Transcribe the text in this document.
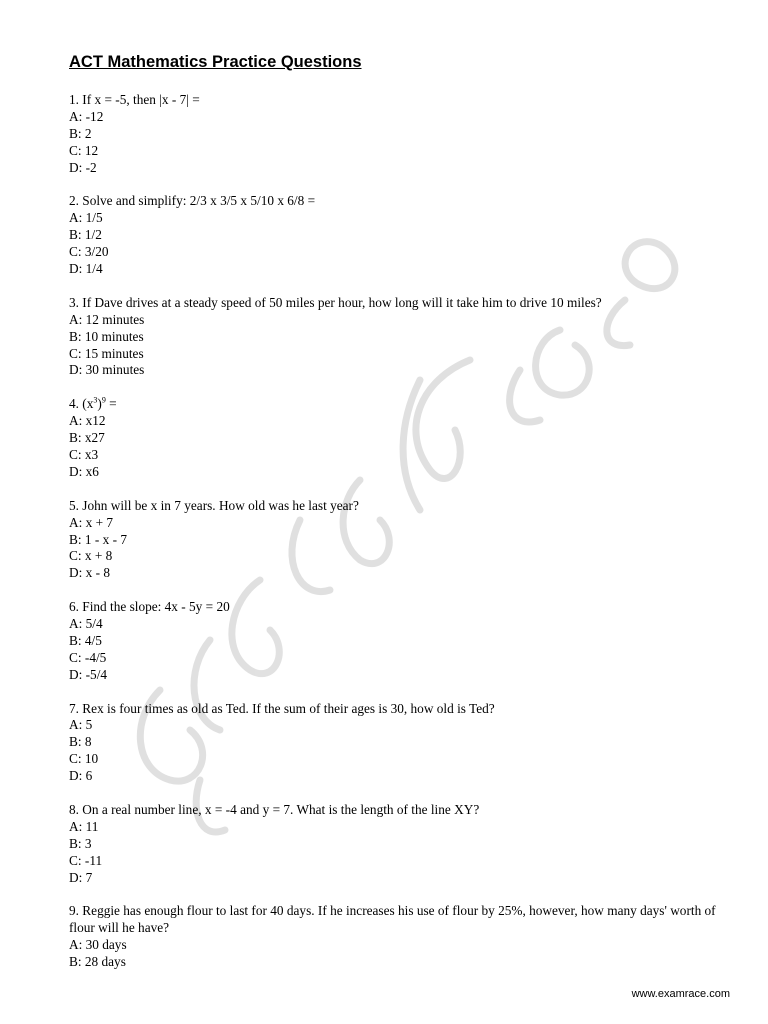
ACT Mathematics Practice Questions
1. If x = -5, then |x - 7| =
A: -12
B: 2
C: 12
D: -2
2. Solve and simplify: 2/3 x 3/5 x 5/10 x 6/8 =
A: 1/5
B: 1/2
C: 3/20
D: 1/4
3. If Dave drives at a steady speed of 50 miles per hour, how long will it take him to drive 10 miles?
A: 12 minutes
B: 10 minutes
C: 15 minutes
D: 30 minutes
4. $(x^3)^9$ =
A: x12
B: x27
C: x3
D: x6
5. John will be x in 7 years. How old was he last year?
A: x + 7
B: 1 - x - 7
C: x + 8
D: x - 8
6. Find the slope: 4x - 5y = 20
A: 5/4
B: 4/5
C: -4/5
D: -5/4
7. Rex is four times as old as Ted. If the sum of their ages is 30, how old is Ted?
A: 5
B: 8
C: 10
D: 6
8. On a real number line, x = -4 and y = 7. What is the length of the line XY?
A: 11
B: 3
C: -11
D: 7
9. Reggie has enough flour to last for 40 days. If he increases his use of flour by 25%, however, how many days' worth of flour will he have?
A: 30 days
B: 28 days
www.examrace.com
